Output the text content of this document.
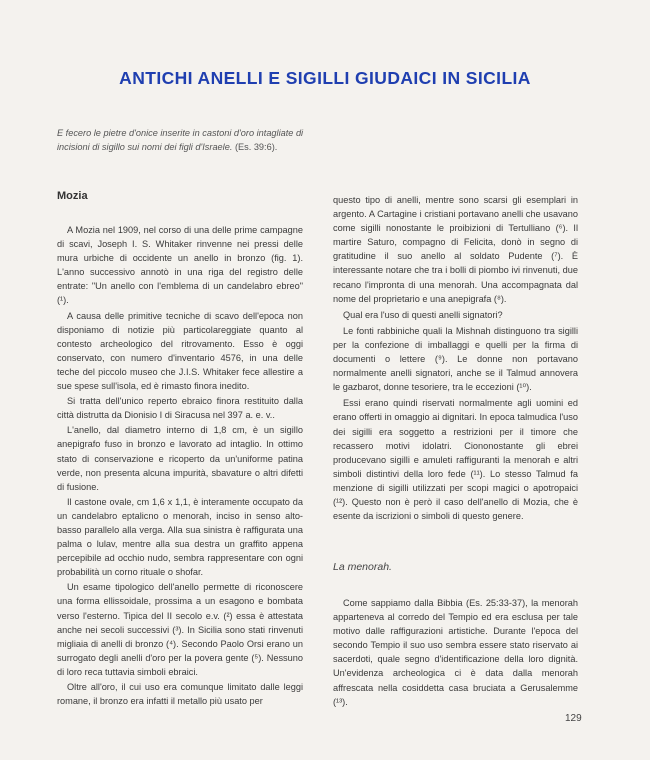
ANTICHI ANELLI E SIGILLI GIUDAICI IN SICILIA
E fecero le pietre d'onice inserite in castoni d'oro intagliate di incisioni di sigillo sui nomi dei figli d'Israele. (Es. 39:6).
Mozia

A Mozia nel 1909, nel corso di una delle prime campagne di scavi, Joseph I. S. Whitaker rinvenne nei pressi delle mura urbiche di occidente un anello in bronzo (fig. 1). L'anno successivo annotò in una riga del registro delle entrate: "Un anello con l'emblema di un candelabro ebreo" (¹).

A causa delle primitive tecniche di scavo dell'epoca non disponiamo di notizie più particolareggiate quanto al contesto archeologico del ritrovamento. Esso è oggi conservato, con numero d'inventario 4576, in una delle teche del piccolo museo che J.I.S. Whitaker fece allestire a sue spese sull'isola, ed è rimasto finora inedito.

Si tratta dell'unico reperto ebraico finora restituito dalla città distrutta da Dionisio I di Siracusa nel 397 a. e. v..

L'anello, dal diametro interno di 1,8 cm, è un sigillo anepigrafo fuso in bronzo e lavorato ad intaglio. In ottimo stato di conservazione e ricoperto da un'uniforme patina verde, non presenta alcuna impurità, sbavature o altri difetti di fusione.

Il castone ovale, cm 1,6 x 1,1, è interamente occupato da un candelabro eptalicno o menorah, inciso in senso alto-basso parallelo alla verga. Alla sua sinistra è raffigurata una palma o lulav, mentre alla sua destra un graffito appena percepibile ad occhio nudo, sembra rappresentare con ogni probabilità un corno rituale o shofar.

Un esame tipologico dell'anello permette di riconoscere una forma ellissoidale, prossima a un esagono e bombata verso l'esterno. Tipica del II secolo e.v. (²) essa è attestata anche nei secoli successivi (³). In Sicilia sono stati rinvenuti migliaia di anelli di bronzo (⁴). Secondo Paolo Orsi erano un surrogato degli anelli d'oro per la povera gente (⁵). Nessuno di loro reca tuttavia simboli ebraici.

Oltre all'oro, il cui uso era comunque limitato dalle leggi romane, il bronzo era infatti il metallo più usato per

questo tipo di anelli, mentre sono scarsi gli esemplari in argento. A Cartagine i cristiani portavano anelli che usavano come sigilli nonostante le proibizioni di Tertulliano (⁶). Il martire Saturo, compagno di Felicita, donò in segno di gratitudine il suo anello al soldato Pudente (⁷). È interessante notare che tra i bolli di piombo ivi rinvenuti, due recano l'impronta di una menorah. Una accompagnata dal nome del proprietario e una anepigrafa (⁸).

Qual era l'uso di questi anelli signatori?

Le fonti rabbiniche quali la Mishnah distinguono tra sigilli per la confezione di imballaggi e quelli per la firma di documenti o lettere (⁹). Le donne non portavano normalmente anelli signatori, anche se il Talmud annovera le gazbarot, donne tesoriere, tra le eccezioni (¹⁰).

Essi erano quindi riservati normalmente agli uomini ed erano offerti in omaggio ai dignitari. In epoca talmudica l'uso dei sigilli era soggetto a restrizioni per il timore che recassero motivi idolatri. Ciononostante gli ebrei producevano sigilli e amuleti raffiguranti la menorah e altri simboli distintivi della loro fede (¹¹). Lo stesso Talmud fa menzione di sigilli utilizzati per scopi magici o apotropaici (¹²). Questo non è però il caso dell'anello di Mozia, che è esente da iscrizioni o simboli di questo genere.

La menorah.

Come sappiamo dalla Bibbia (Es. 25:33-37), la menorah apparteneva al corredo del Tempio ed era esclusa per tale motivo dalle raffigurazioni artistiche. Durante l'epoca del secondo Tempio il suo uso sembra essere stato riservato ai sacerdoti, quale segno d'identificazione della loro dignità. Un'evidenza archeologica ci è data dalla menorah affrescata nella cosiddetta casa bruciata a Gerusalemme (¹³).

129
